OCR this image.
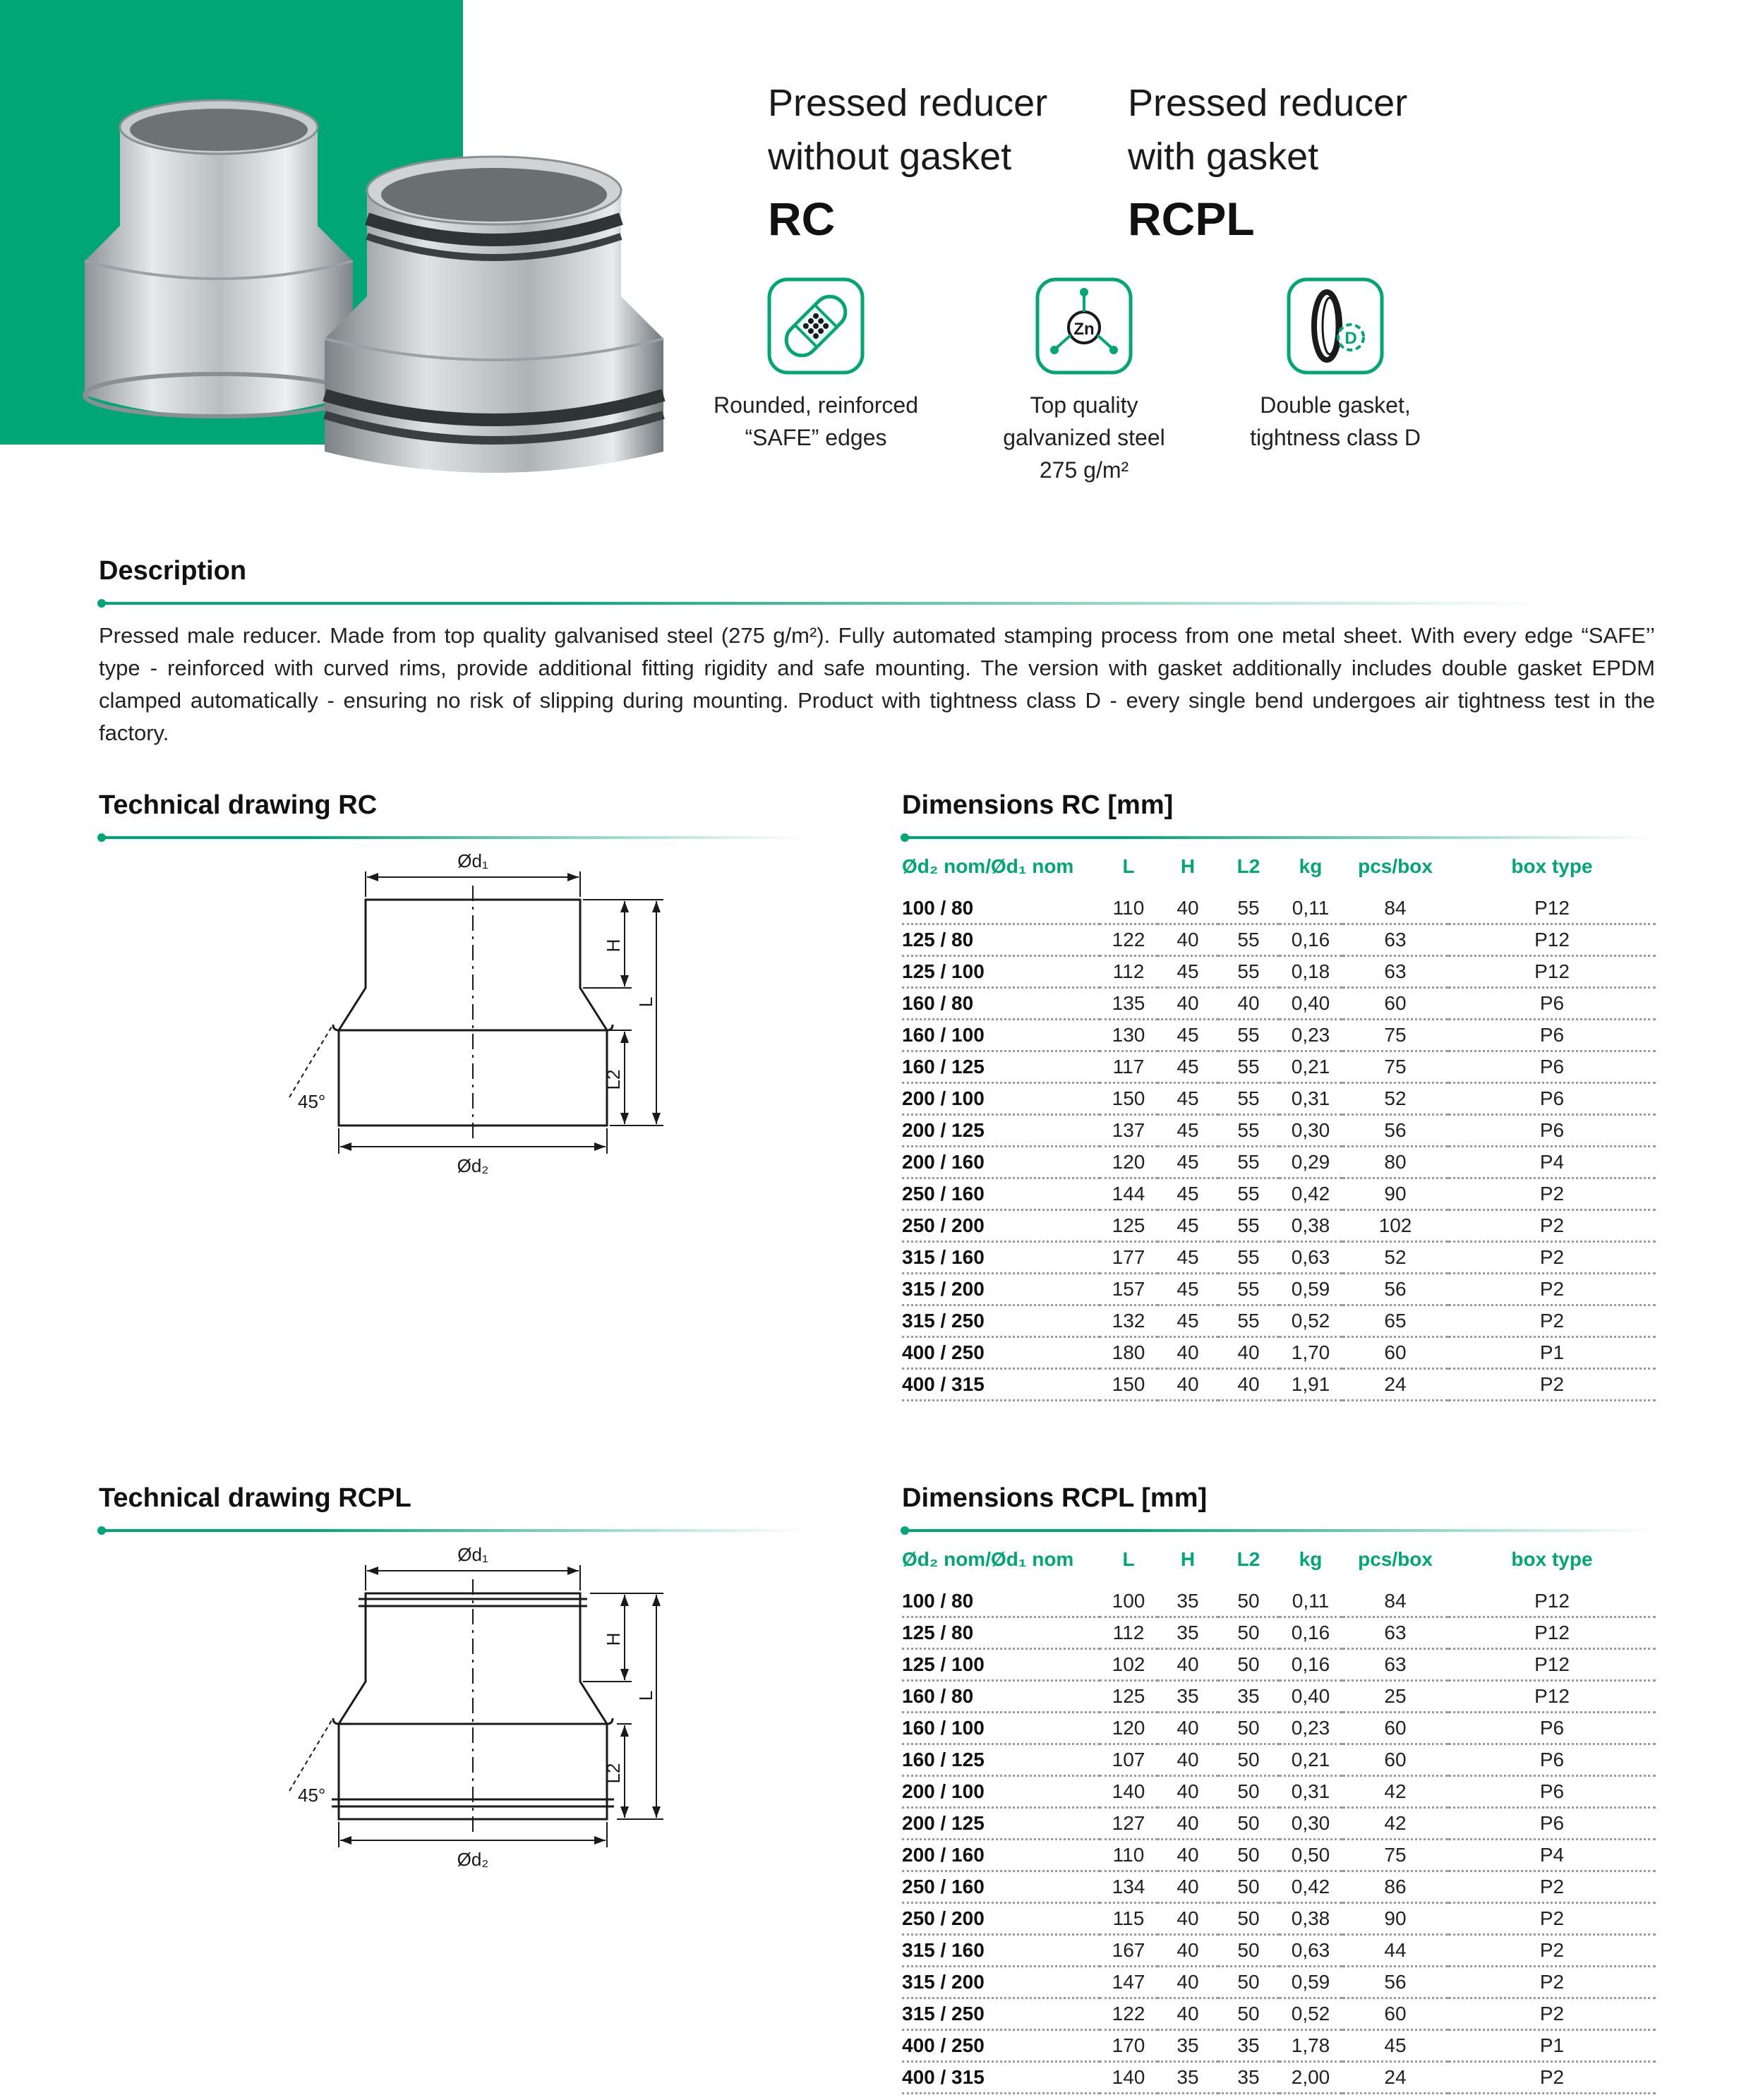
Pressed reducer
without gasket
RC
Pressed reducer
with gasket
RCPL
Rounded, reinforced
“SAFE” edges
Zn
Top quality
galvanized steel
275 g/m²
D
Double gasket,
tightness class D
Description
Pressed male reducer. Made from top quality galvanised steel (275 g/m²). Fully automated stamping process from one metal sheet. With every edge “SAFE’’ type - reinforced with curved rims, provide additional fitting rigidity and safe mounting. The version with gasket additionally includes double gasket EPDM clamped automatically - ensuring no risk of slipping during mounting. Product with tightness class D - every single bend undergoes air tightness test in the factory.
Technical drawing RC
Ød₁
Ød₂
H
L
L2
45°
Dimensions RC [mm]
Ød₂ nom/Ød₁ nom	L	H	L2	kg	pcs/box	box type

100 / 80	110	40	55	0,11	84	P12
125 / 80	122	40	55	0,16	63	P12
125 / 100	112	45	55	0,18	63	P12
160 / 80	135	40	40	0,40	60	P6
160 / 100	130	45	55	0,23	75	P6
160 / 125	117	45	55	0,21	75	P6
200 / 100	150	45	55	0,31	52	P6
200 / 125	137	45	55	0,30	56	P6
200 / 160	120	45	55	0,29	80	P4
250 / 160	144	45	55	0,42	90	P2
250 / 200	125	45	55	0,38	102	P2
315 / 160	177	45	55	0,63	52	P2
315 / 200	157	45	55	0,59	56	P2
315 / 250	132	45	55	0,52	65	P2
400 / 250	180	40	40	1,70	60	P1
400 / 315	150	40	40	1,91	24	P2
Technical drawing RCPL
Ød₁
Ød₂
H
L
L2
45°
Dimensions RCPL [mm]
Ød₂ nom/Ød₁ nom	L	H	L2	kg	pcs/box	box type

100 / 80	100	35	50	0,11	84	P12
125 / 80	112	35	50	0,16	63	P12
125 / 100	102	40	50	0,16	63	P12
160 / 80	125	35	35	0,40	25	P12
160 / 100	120	40	50	0,23	60	P6
160 / 125	107	40	50	0,21	60	P6
200 / 100	140	40	50	0,31	42	P6
200 / 125	127	40	50	0,30	42	P6
200 / 160	110	40	50	0,50	75	P4
250 / 160	134	40	50	0,42	86	P2
250 / 200	115	40	50	0,38	90	P2
315 / 160	167	40	50	0,63	44	P2
315 / 200	147	40	50	0,59	56	P2
315 / 250	122	40	50	0,52	60	P2
400 / 250	170	35	35	1,78	45	P1
400 / 315	140	35	35	2,00	24	P2
